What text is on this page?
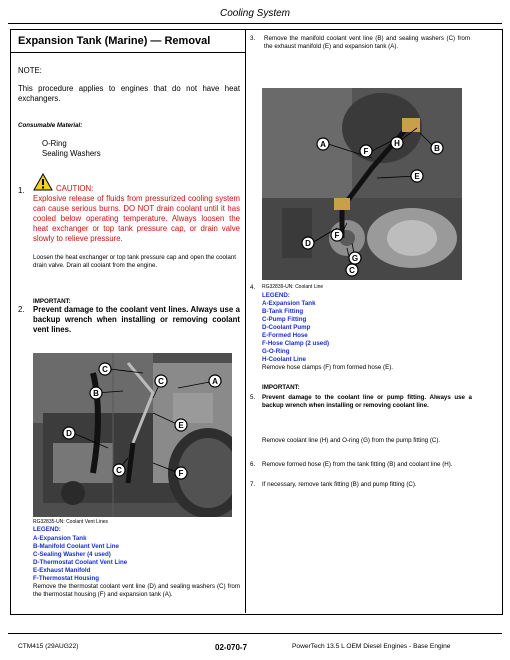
Cooling System
Expansion Tank (Marine) — Removal
NOTE:
This procedure applies to engines that do not have heat exchangers.
Consumable Material:
O-Ring
Sealing Washers
1.	CAUTION:
Explosive release of fluids from pressurized cooling system can cause serious burns. DO NOT drain coolant until it has cooled below operating temperature. Always loosen the heat exchanger or top tank pressure cap, or drain valve slowly to relieve pressure.
Loosen the heat exchanger or top tank pressure cap and open the coolant drain valve. Drain all coolant from the engine.
IMPORTANT:
2. Prevent damage to the coolant vent lines. Always use a backup wrench when installing or removing coolant vent lines.
C
B
C	A
D
E
C	F
RG32835-UN: Coolant Vent Lines
LEGEND:
A-Expansion Tank
B-Manifold Coolant Vent Line
C-Sealing Washer (4 used)
D-Thermostat Coolant Vent Line
E-Exhaust Manifold
F-Thermostat Housing
Remove the thermostat coolant vent line (D) and sealing washers (C) from the thermostat housing (F) and expansion tank (A).
3. Remove the manifold coolant vent line (B) and sealing washers (C) from the exhaust manifold (E) and expansion tank (A).
A
F
H
B
E
D
F
G
C
4. RG32839-UN: Coolant Line
LEGEND:
A-Expansion Tank
B-Tank Fitting
C-Pump Fitting
D-Coolant Pump
E-Formed Hose
F-Hose Clamp (2 used)
G-O-Ring
H-Coolant Line
Remove hose clamps (F) from formed hose (E).
IMPORTANT:
5. Prevent damage to the coolant line or pump fitting. Always use a backup wrench when installing or removing coolant line.
Remove coolant line (H) and O-ring (G) from the pump fitting (C).
6. Remove formed hose (E) from the tank fitting (B) and coolant line (H).
7. If necessary, remove tank fitting (B) and pump fitting (C).
CTM415 (29AUG22)	02-070-7	PowerTech 13.5 L OEM Diesel Engines - Base Engine
